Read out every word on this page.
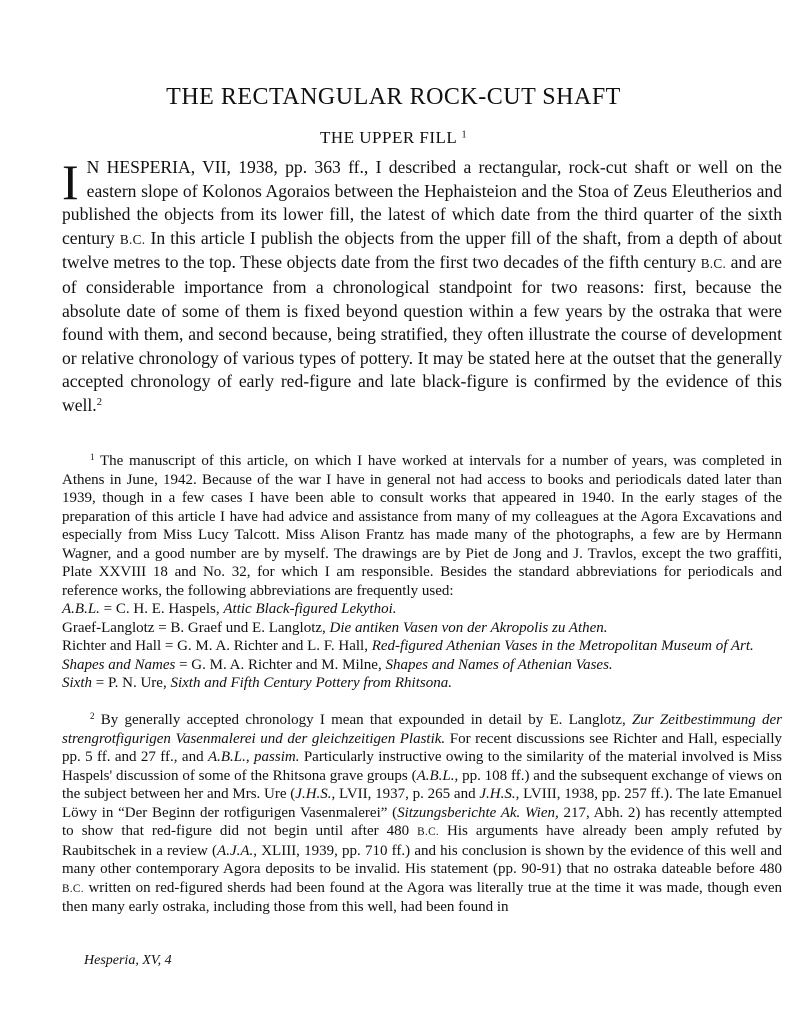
THE RECTANGULAR ROCK-CUT SHAFT
THE UPPER FILL $^1$
I N HESPERIA, VII, 1938, pp. 363 ff., I described a rectangular, rock-cut shaft or well on the eastern slope of Kolonos Agoraios between the Hephaisteion and the Stoa of Zeus Eleutherios and published the objects from its lower fill, the latest of which date from the third quarter of the sixth century B.C. In this article I publish the objects from the upper fill of the shaft, from a depth of about twelve metres to the top. These objects date from the first two decades of the fifth century B.C. and are of considerable importance from a chronological standpoint for two reasons: first, because the absolute date of some of them is fixed beyond question within a few years by the ostraka that were found with them, and second because, being stratified, they often illustrate the course of development or relative chronology of various types of pottery. It may be stated here at the outset that the generally accepted chronology of early red-figure and late black-figure is confirmed by the evidence of this well.$^2$

$^1$ The manuscript of this article, on which I have worked at intervals for a number of years, was completed in Athens in June, 1942. Because of the war I have in general not had access to books and periodicals dated later than 1939, though in a few cases I have been able to consult works that appeared in 1940. In the early stages of the preparation of this article I have had advice and assistance from many of my colleagues at the Agora Excavations and especially from Miss Lucy Talcott. Miss Alison Frantz has made many of the photographs, a few are by Hermann Wagner, and a good number are by myself. The drawings are by Piet de Jong and J. Travlos, except the two graffiti, Plate XXVIII 18 and No. 32, for which I am responsible. Besides the standard abbreviations for periodicals and reference works, the following abbreviations are frequently used:

A.B.L. = C. H. E. Haspels, Attic Black-figured Lekythoi.

Graef-Langlotz = B. Graef und E. Langlotz, Die antiken Vasen von der Akropolis zu Athen.

Richter and Hall = G. M. A. Richter and L. F. Hall, Red-figured Athenian Vases in the Metropolitan Museum of Art.

Shapes and Names = G. M. A. Richter and M. Milne, Shapes and Names of Athenian Vases.

Sixth = P. N. Ure, Sixth and Fifth Century Pottery from Rhitsona.

$^2$ By generally accepted chronology I mean that expounded in detail by E. Langlotz, Zur Zeitbestimmung der strengrotfigurigen Vasenmalerei und der gleichzeitigen Plastik. For recent discussions see Richter and Hall, especially pp. 5 ff. and 27 ff., and A.B.L., passim. Particularly instructive owing to the similarity of the material involved is Miss Haspels' discussion of some of the Rhitsona grave groups (A.B.L., pp. 108 ff.) and the subsequent exchange of views on the subject between her and Mrs. Ure (J.H.S., LVII, 1937, p. 265 and J.H.S., LVIII, 1938, pp. 257 ff.). The late Emanuel Löwy in “Der Beginn der rotfigurigen Vasenmalerei” (Sitzungsberichte Ak. Wien, 217, Abh. 2) has recently attempted to show that red-figure did not begin until after 480 B.C. His arguments have already been amply refuted by Raubitschek in a review (A.J.A., XLIII, 1939, pp. 710 ff.) and his conclusion is shown by the evidence of this well and many other contemporary Agora deposits to be invalid. His statement (pp. 90-91) that no ostraka dateable before 480 B.C. written on red-figured sherds had been found at the Agora was literally true at the time it was made, though even then many early ostraka, including those from this well, had been found in

Hesperia, XV, 4
